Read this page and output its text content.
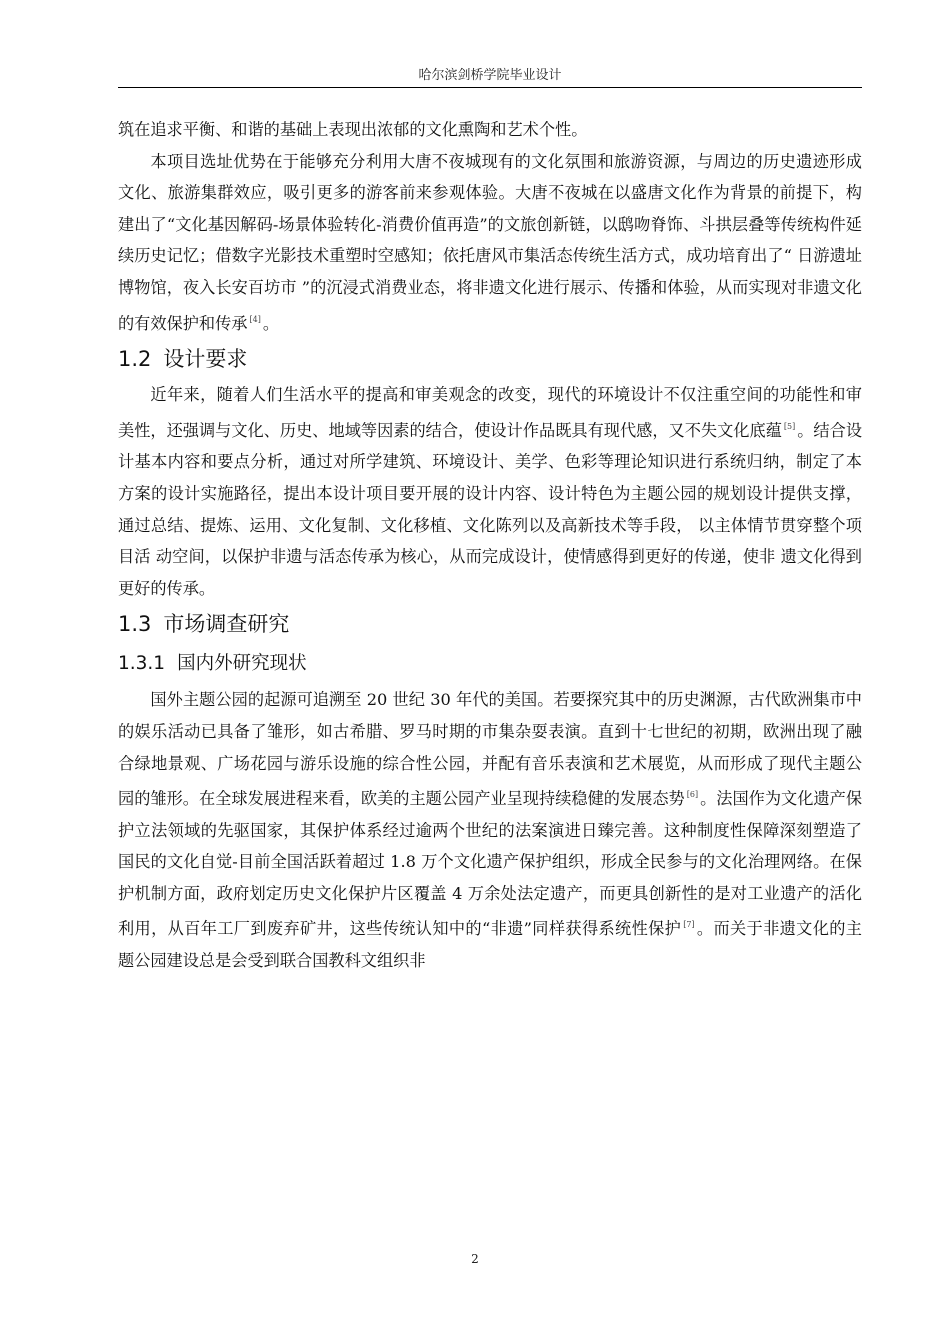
哈尔滨剑桥学院毕业设计

筑在追求平衡、和谐的基础上表现出浓郁的文化熏陶和艺术个性。

本项目选址优势在于能够充分利用大唐不夜城现有的文化氛围和旅游资源，与周边的历史遗迹形成文化、旅游集群效应，吸引更多的游客前来参观体验。大唐不夜城在以盛唐文化作为背景的前提下，构建出了“文化基因解码-场景体验转化-消费价值再造”的文旅创新链，以鸱吻脊饰、斗拱层叠等传统构件延续历史记忆；借数字光影技术重塑时空感知；依托唐风市集活态传统生活方式，成功培育出了“ 日游遗址博物馆，夜入长安百坊市 ”的沉浸式消费业态，将非遗文化进行展示、传播和体验，从而实现对非遗文化的有效保护和传承 [4] 。

1.2 设计要求

近年来，随着人们生活水平的提高和审美观念的改变，现代的环境设计不仅注重空间的功能性和审美性，还强调与文化、历史、地域等因素的结合，使设计作品既具有现代感，又不失文化底蕴 [5] 。结合设计基本内容和要点分析，通过对所学建筑、环境设计、美学、色彩等理论知识进行系统归纳，制定了本方案的设计实施路径，提出本设计项目要开展的设计内容、设计特色为主题公园的规划设计提供支撑，通过总结、提炼、运用、文化复制、文化移植、文化陈列以及高新技术等手段， 以主体情节贯穿整个项目活 动空间，以保护非遗与活态传承为核心，从而完成设计，使情感得到更好的传递，使非 遗文化得到更好的传承。

1.3 市场调查研究
1.3.1 国内外研究现状

国外主题公园的起源可追溯至 20 世纪 30 年代的美国。若要探究其中的历史渊源，古代欧洲集市中的娱乐活动已具备了雏形，如古希腊、罗马时期的市集杂耍表演。直到十七世纪的初期，欧洲出现了融合绿地景观、广场花园与游乐设施的综合性公园，并配有音乐表演和艺术展览，从而形成了现代主题公园的雏形。在全球发展进程来看，欧美的主题公园产业呈现持续稳健的发展态势 [6] 。法国作为文化遗产保护立法领域的先驱国家，其保护体系经过逾两个世纪的法案演进日臻完善。这种制度性保障深刻塑造了国民的文化自觉-目前全国活跃着超过 1.8 万个文化遗产保护组织，形成全民参与的文化治理网络。在保护机制方面，政府划定历史文化保护片区覆盖 4 万余处法定遗产，而更具创新性的是对工业遗产的活化利用，从百年工厂到废弃矿井，这些传统认知中的“非遗”同样获得系统性保护 [7] 。而关于非遗文化的主题公园建设总是会受到联合国教科文组织非

2
